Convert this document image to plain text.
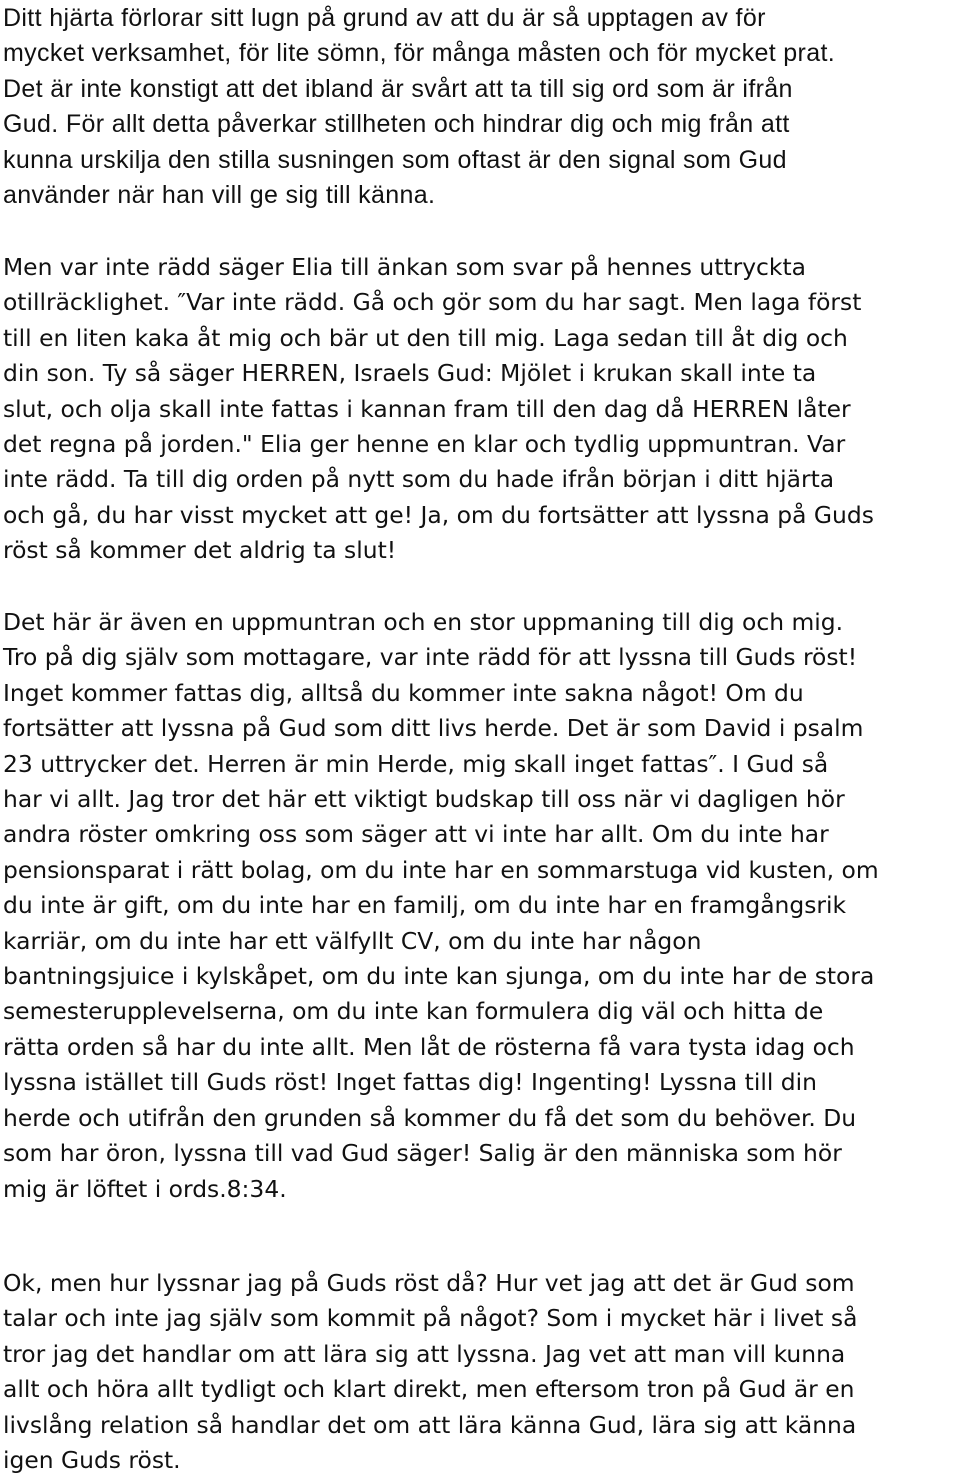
Ditt hjärta förlorar sitt lugn på grund av att du är så upptagen av för
mycket verksamhet, för lite sömn, för många måsten och för mycket prat.
Det är inte konstigt att det ibland är svårt att ta till sig ord som är ifrån
Gud. För allt detta påverkar stillheten och hindrar dig och mig från att
kunna urskilja den stilla susningen som oftast är den signal som Gud
använder när han vill ge sig till känna.

Men var inte rädd säger Elia till änkan som svar på hennes uttryckta
otillräcklighet. ″Var inte rädd. Gå och gör som du har sagt. Men laga först
till en liten kaka åt mig och bär ut den till mig. Laga sedan till åt dig och
din son. Ty så säger HERREN, Israels Gud: Mjölet i krukan skall inte ta
slut, och olja skall inte fattas i kannan fram till den dag då HERREN låter
det regna på jorden." Elia ger henne en klar och tydlig uppmuntran. Var
inte rädd. Ta till dig orden på nytt som du hade ifrån början i ditt hjärta
och gå, du har visst mycket att ge! Ja, om du fortsätter att lyssna på Guds
röst så kommer det aldrig ta slut!

Det här är även en uppmuntran och en stor uppmaning till dig och mig.
Tro på dig själv som mottagare, var inte rädd för att lyssna till Guds röst!
Inget kommer fattas dig, alltså du kommer inte sakna något! Om du
fortsätter att lyssna på Gud som ditt livs herde. Det är som David i psalm
23 uttrycker det. Herren är min Herde, mig skall inget fattas″. I Gud så
har vi allt. Jag tror det här ett viktigt budskap till oss när vi dagligen hör
andra röster omkring oss som säger att vi inte har allt. Om du inte har
pensionsparat i rätt bolag, om du inte har en sommarstuga vid kusten, om
du inte är gift, om du inte har en familj, om du inte har en framgångsrik
karriär, om du inte har ett välfyllt CV, om du inte har någon
bantningsjuice i kylskåpet, om du inte kan sjunga, om du inte har de stora
semesterupplevelserna, om du inte kan formulera dig väl och hitta de
rätta orden så har du inte allt. Men låt de rösterna få vara tysta idag och
lyssna istället till Guds röst! Inget fattas dig! Ingenting! Lyssna till din
herde och utifrån den grunden så kommer du få det som du behöver. Du
som har öron, lyssna till vad Gud säger! Salig är den människa som hör
mig är löftet i ords.8:34.

Ok, men hur lyssnar jag på Guds röst då? Hur vet jag att det är Gud som
talar och inte jag själv som kommit på något? Som i mycket här i livet så
tror jag det handlar om att lära sig att lyssna. Jag vet att man vill kunna
allt och höra allt tydligt och klart direkt, men eftersom tron på Gud är en
livslång relation så handlar det om att lära känna Gud, lära sig att känna
igen Guds röst.
